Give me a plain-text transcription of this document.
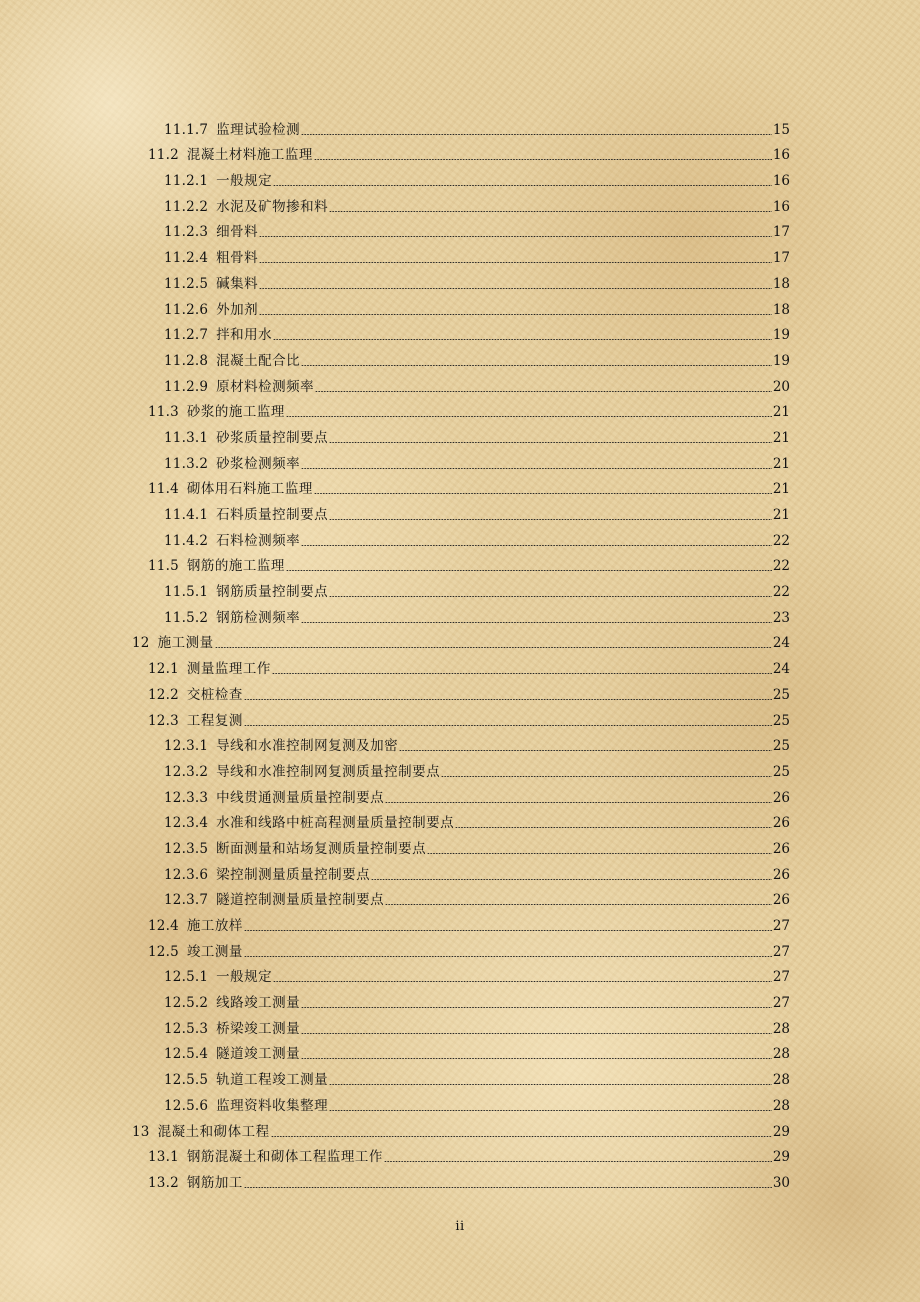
11.1.7 监理试验检测	15
11.2 混凝土材料施工监理	16
11.2.1 一般规定	16
11.2.2 水泥及矿物掺和料	16
11.2.3 细骨料	17
11.2.4 粗骨料	17
11.2.5 碱集料	18
11.2.6 外加剂	18
11.2.7 拌和用水	19
11.2.8 混凝土配合比	19
11.2.9 原材料检测频率	20
11.3 砂浆的施工监理	21
11.3.1 砂浆质量控制要点	21
11.3.2 砂浆检测频率	21
11.4 砌体用石料施工监理	21
11.4.1 石料质量控制要点	21
11.4.2 石料检测频率	22
11.5 钢筋的施工监理	22
11.5.1 钢筋质量控制要点	22
11.5.2 钢筋检测频率	23
12 施工测量	24
12.1 测量监理工作	24
12.2 交桩检查	25
12.3 工程复测	25
12.3.1 导线和水准控制网复测及加密	25
12.3.2 导线和水准控制网复测质量控制要点	25
12.3.3 中线贯通测量质量控制要点	26
12.3.4 水准和线路中桩高程测量质量控制要点	26
12.3.5 断面测量和站场复测质量控制要点	26
12.3.6 梁控制测量质量控制要点	26
12.3.7 隧道控制测量质量控制要点	26
12.4 施工放样	27
12.5 竣工测量	27
12.5.1 一般规定	27
12.5.2 线路竣工测量	27
12.5.3 桥梁竣工测量	28
12.5.4 隧道竣工测量	28
12.5.5 轨道工程竣工测量	28
12.5.6 监理资料收集整理	28
13 混凝土和砌体工程	29
13.1 钢筋混凝土和砌体工程监理工作	29
13.2 钢筋加工	30
ii
